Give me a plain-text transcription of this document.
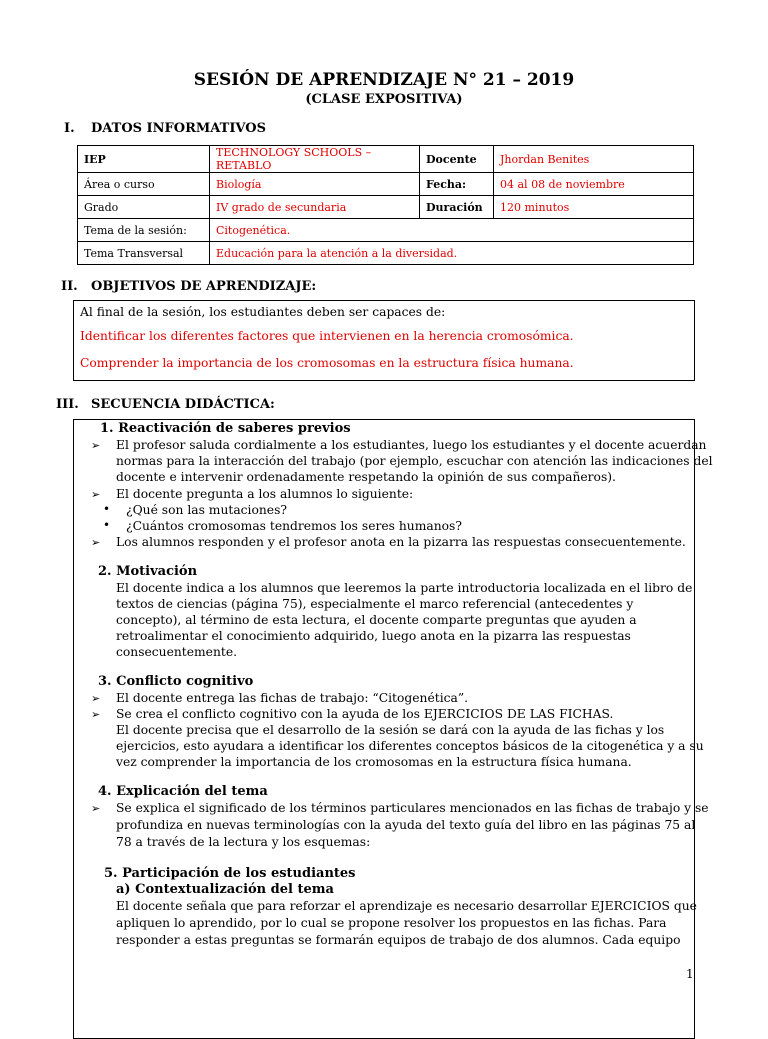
SESIÓN DE APRENDIZAJE N° 21 – 2019
(CLASE EXPOSITIVA)
I. DATOS INFORMATIVOS
IEP	TECHNOLOGY SCHOOLS – RETABLO	Docente	Jhordan Benites
Área o curso	Biología	Fecha:	04 al 08 de noviembre
Grado	IV grado de secundaria	Duración	120 minutos
Tema de la sesión:	Citogenética.		
Tema Transversal	Educación para la atención a la diversidad.		
II. OBJETIVOS DE APRENDIZAJE:
Al final de la sesión, los estudiantes deben ser capaces de:
Identificar los diferentes factores que intervienen en la herencia cromosómica.
Comprender la importancia de los cromosomas en la estructura física humana.
III. SECUENCIA DIDÁCTICA:
1. Reactivación de saberes previos
➢ El profesor saluda cordialmente a los estudiantes, luego los estudiantes y el docente acuerdan
normas para la interacción del trabajo (por ejemplo, escuchar con atención las indicaciones del
docente e intervenir ordenadamente respetando la opinión de sus compañeros).
➢ El docente pregunta a los alumnos lo siguiente:
• ¿Qué son las mutaciones?
• ¿Cuántos cromosomas tendremos los seres humanos?
➢ Los alumnos responden y el profesor anota en la pizarra las respuestas consecuentemente.
2. Motivación
El docente indica a los alumnos que leeremos la parte introductoria localizada en el libro de
textos de ciencias (página 75), especialmente el marco referencial (antecedentes y
concepto), al término de esta lectura, el docente comparte preguntas que ayuden a
retroalimentar el conocimiento adquirido, luego anota en la pizarra las respuestas
consecuentemente.
3. Conflicto cognitivo
➢ El docente entrega las fichas de trabajo: “Citogenética”.
➢ Se crea el conflicto cognitivo con la ayuda de los EJERCICIOS DE LAS FICHAS.
El docente precisa que el desarrollo de la sesión se dará con la ayuda de las fichas y los
ejercicios, esto ayudara a identificar los diferentes conceptos básicos de la citogenética y a su
vez comprender la importancia de los cromosomas en la estructura física humana.
4. Explicación del tema
➢ Se explica el significado de los términos particulares mencionados en las fichas de trabajo y se
profundiza en nuevas terminologías con la ayuda del texto guía del libro en las páginas 75 al
78 a través de la lectura y los esquemas:
5. Participación de los estudiantes
a) Contextualización del tema
El docente señala que para reforzar el aprendizaje es necesario desarrollar EJERCICIOS que
apliquen lo aprendido, por lo cual se propone resolver los propuestos en las fichas. Para
responder a estas preguntas se formarán equipos de trabajo de dos alumnos. Cada equipo
1
